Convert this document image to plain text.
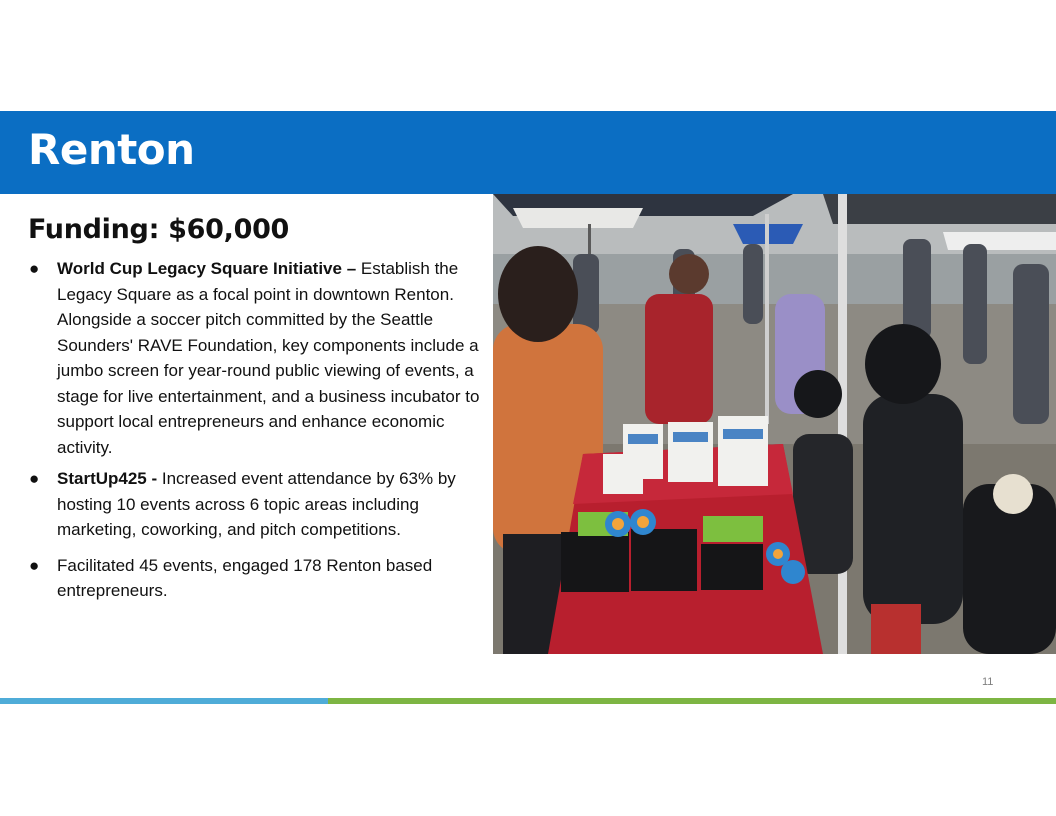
Renton
Funding: $60,000
● World Cup Legacy Square Initiative – Establish the Legacy Square as a focal point in downtown Renton. Alongside a soccer pitch committed by the Seattle Sounders' RAVE Foundation, key components include a jumbo screen for year-round public viewing of events, a stage for live entertainment, and a business incubator to support local entrepreneurs and enhance economic activity.
● StartUp425 - Increased event attendance by 63% by hosting 10 events across 6 topic areas including marketing, coworking, and pitch competitions.
● Facilitated 45 events, engaged 178 Renton based entrepreneurs.
11
